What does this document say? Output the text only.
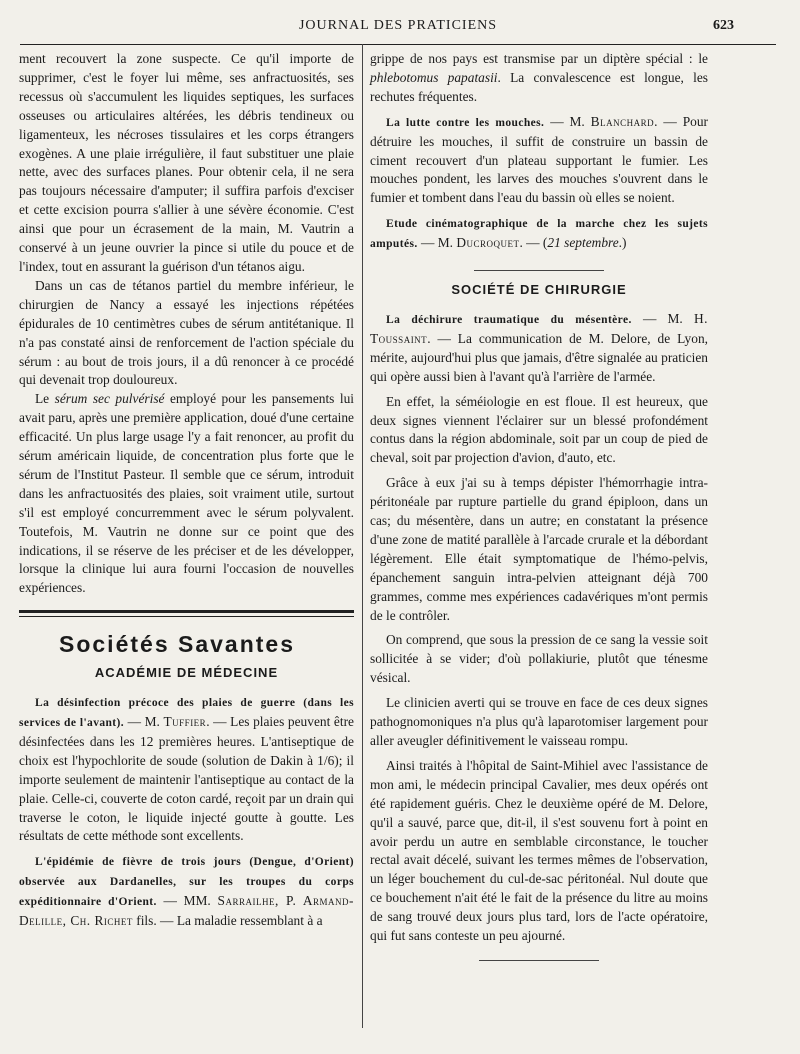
JOURNAL DES PRATICIENS	623

ment recouvert la zone suspecte. Ce qu'il importe de supprimer, c'est le foyer lui même, ses anfractuosités, ses recessus où s'accumulent les liquides septiques, les surfaces osseuses ou articulaires altérées, les débris tendineux ou ligamenteux, les nécroses tissulaires et les corps étrangers exogènes. A une plaie irrégulière, il faut substituer une plaie nette, avec des surfaces planes. Pour obtenir cela, il ne sera pas toujours nécessaire d'amputer; il suffira parfois d'exciser et cette excision pourra s'allier à une sévère économie. C'est ainsi que pour un écrasement de la main, M. Vautrin a conservé à un jeune ouvrier la pince si utile du pouce et de l'index, tout en assurant la guérison d'un tétanos aigu.

Dans un cas de tétanos partiel du membre inférieur, le chirurgien de Nancy a essayé les injections répétées épidurales de 10 centimètres cubes de sérum antitétanique. Il n'a pas constaté ainsi de renforcement de l'action spéciale du sérum : au bout de trois jours, il a dû renoncer à ce procédé qui devenait trop douloureux.

Le sérum sec pulvérisé employé pour les pansements lui avait paru, après une première application, doué d'une certaine efficacité. Un plus large usage l'y a fait renoncer, au profit du sérum américain liquide, de concentration plus forte que le sérum de l'Institut Pasteur. Il semble que ce sérum, introduit dans les anfractuosités des plaies, soit vraiment utile, surtout s'il est employé concurremment avec le sérum polyvalent. Toutefois, M. Vautrin ne donne sur ce point que des indications, il se réserve de les préciser et de les développer, lorsque la clinique lui aura fourni l'occasion de nouvelles expériences.

Sociétés Savantes
ACADÉMIE DE MÉDECINE

La désinfection précoce des plaies de guerre (dans les services de l'avant). — M. Tuffier. — Les plaies peuvent être désinfectées dans les 12 premières heures. L'antiseptique de choix est l'hypochlorite de soude (solution de Dakin à 1/6); il importe seulement de maintenir l'antiseptique au contact de la plaie. Celle-ci, couverte de coton cardé, reçoit par un drain qui traverse le coton, le liquide injecté goutte à goutte. Les résultats de cette méthode sont excellents.

L'épidémie de fièvre de trois jours (Dengue, d'Orient) observée aux Dardanelles, sur les troupes du corps expéditionnaire d'Orient. — MM. Sarrailhe, P. Armand-Delille, Ch. Richet fils. — La maladie ressemblant à a

grippe de nos pays est transmise par un diptère spécial : le phlebotomus papatasii. La convalescence est longue, les rechutes fréquentes.

La lutte contre les mouches. — M. Blanchard. — Pour détruire les mouches, il suffit de construire un bassin de ciment recouvert d'un plateau supportant le fumier. Les mouches pondent, les larves des mouches s'ouvrent dans le fumier et tombent dans l'eau du bassin où elles se noient.

Etude cinématographique de la marche chez les sujets amputés. — M. Ducroquet. — (21 septembre.)

SOCIÉTÉ DE CHIRURGIE

La déchirure traumatique du mésentère. — M. H. Toussaint. — La communication de M. Delore, de Lyon, mérite, aujourd'hui plus que jamais, d'être signalée au praticien qui opère aussi bien à l'avant qu'à l'arrière de l'armée.

En effet, la séméiologie en est floue. Il est heureux, que deux signes viennent l'éclairer sur un blessé profondément contus dans la région abdominale, soit par un coup de pied de cheval, soit par projection d'avion, d'auto, etc.

Grâce à eux j'ai su à temps dépister l'hémorrhagie intra-péritonéale par rupture partielle du grand épiploon, dans un cas; du mésentère, dans un autre; en constatant la présence d'une zone de matité parallèle à l'arcade crurale et la débordant légèrement. Elle était symptomatique de l'hémo-pelvis, épanchement sanguin intra-pelvien atteignant déjà 700 grammes, comme mes expériences cadavériques m'ont permis de le contrôler.

On comprend, que sous la pression de ce sang la vessie soit sollicitée à se vider; d'où pollakiurie, plutôt que ténesme vésical.

Le clinicien averti qui se trouve en face de ces deux signes pathognomoniques n'a plus qu'à laparotomiser largement pour aller aveugler définitivement le vaisseau rompu.

Ainsi traités à l'hôpital de Saint-Mihiel avec l'assistance de mon ami, le médecin principal Cavalier, mes deux opérés ont été rapidement guéris. Chez le deuxième opéré de M. Delore, qu'il a sauvé, parce que, dit-il, il s'est souvenu fort à point en avoir perdu un autre en semblable circonstance, le toucher rectal avait décelé, suivant les termes mêmes de l'observation, un léger bouchement du cul-de-sac péritonéal. Nul doute que ce bouchement n'ait été le fait de la présence du litre au moins de sang trouvé deux jours plus tard, lors de l'acte opératoire, qui fut sans conteste un peu ajourné.
